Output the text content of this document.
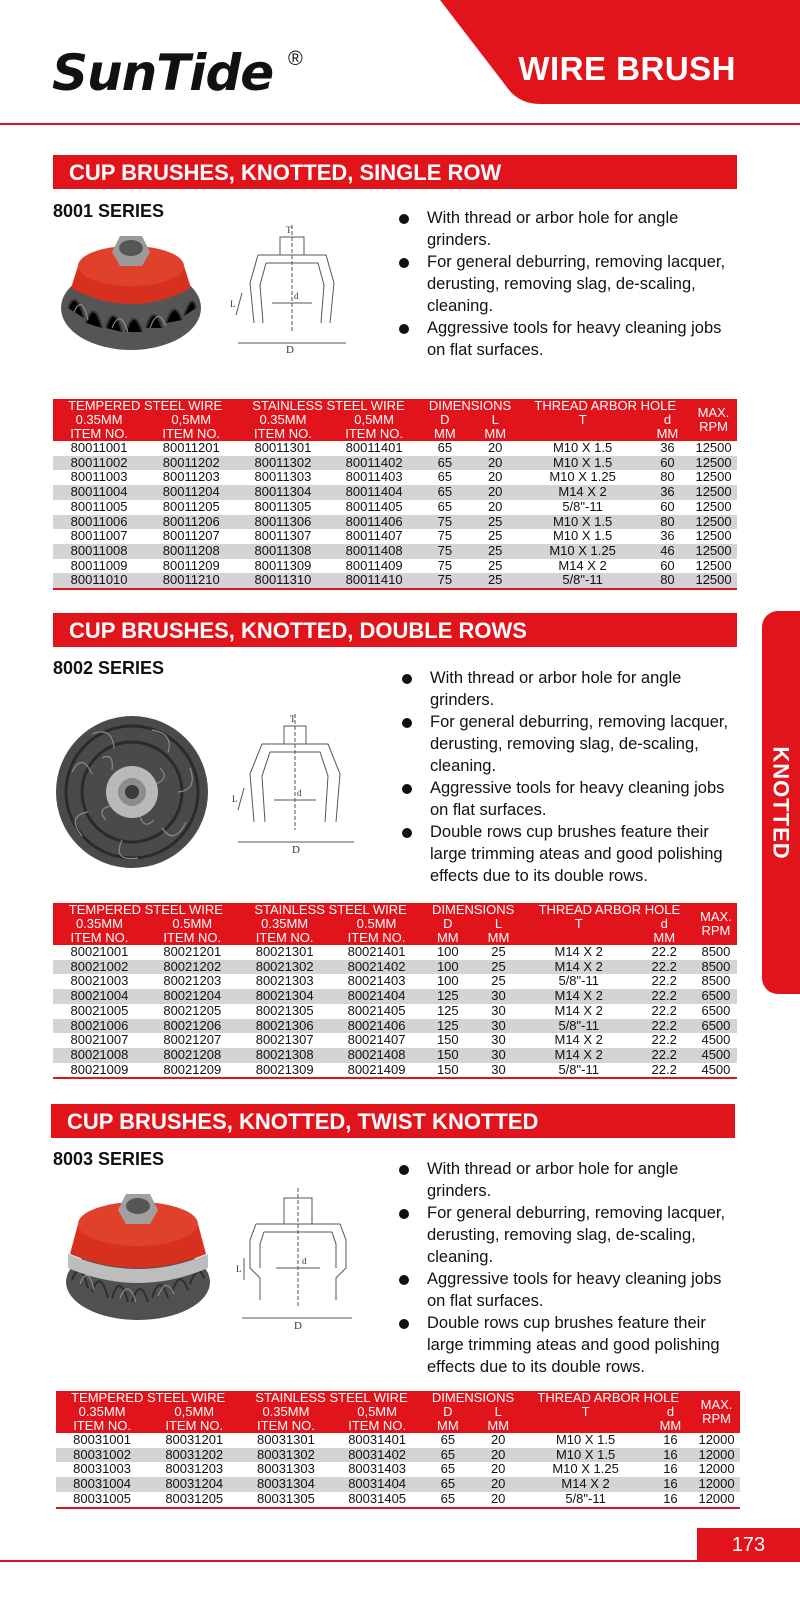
SunTide ®	WIRE BRUSH
CUP BRUSHES, KNOTTED, SINGLE ROW
8001 SERIES
T
d
D
L
With thread or arbor hole for angle grinders.
For general deburring, removing lacquer, derusting, removing slag, de-scaling, cleaning.
Aggressive tools for heavy cleaning jobs on flat surfaces.
TEMPERED STEEL WIRE		STAINLESS STEEL WIRE		DIMENSIONS		THREAD ARBOR HOLE		MAX.
RPM

0.35MM	0,5MM	0.35MM	0,5MM	D	L	T	d	
ITEM NO.	ITEM NO.	ITEM NO.	ITEM NO.	MM	MM		MM	
80011001	80011201	80011301	80011401	65	20	M10 X 1.5	36	12500
80011002	80011202	80011302	80011402	65	20	M10 X 1.5	60	12500
80011003	80011203	80011303	80011403	65	20	M10 X 1.25	80	12500
80011004	80011204	80011304	80011404	65	20	M14 X 2	36	12500
80011005	80011205	80011305	80011405	65	20	5/8"-11	60	12500
80011006	80011206	80011306	80011406	75	25	M10 X 1.5	80	12500
80011007	80011207	80011307	80011407	75	25	M10 X 1.5	36	12500
80011008	80011208	80011308	80011408	75	25	M10 X 1.25	46	12500
80011009	80011209	80011309	80011409	75	25	M14 X 2	60	12500
80011010	80011210	80011310	80011410	75	25	5/8"-11	80	12500
CUP BRUSHES, KNOTTED, DOUBLE ROWS
8002 SERIES
T
d
D
L
With thread or arbor hole for angle grinders.
For general deburring, removing lacquer, derusting, removing slag, de-scaling, cleaning.
Aggressive tools for heavy cleaning jobs on flat surfaces.
Double rows cup brushes feature their large trimming ateas and good polishing effects due to its double rows.
TEMPERED STEEL WIRE		STAINLESS STEEL WIRE		DIMENSIONS		THREAD ARBOR HOLE		MAX.
RPM

0.35MM	0.5MM	0.35MM	0.5MM	D	L	T	d	
ITEM NO.	ITEM NO.	ITEM NO.	ITEM NO.	MM	MM		MM	
80021001	80021201	80021301	80021401	100	25	M14 X 2	22.2	8500
80021002	80021202	80021302	80021402	100	25	M14 X 2	22.2	8500
80021003	80021203	80021303	80021403	100	25	5/8"-11	22.2	8500
80021004	80021204	80021304	80021404	125	30	M14 X 2	22.2	6500
80021005	80021205	80021305	80021405	125	30	M14 X 2	22.2	6500
80021006	80021206	80021306	80021406	125	30	5/8"-11	22.2	6500
80021007	80021207	80021307	80021407	150	30	M14 X 2	22.2	4500
80021008	80021208	80021308	80021408	150	30	M14 X 2	22.2	4500
80021009	80021209	80021309	80021409	150	30	5/8"-11	22.2	4500
CUP BRUSHES, KNOTTED, TWIST KNOTTED
8003 SERIES
d
D
L
With thread or arbor hole for angle grinders.
For general deburring, removing lacquer, derusting, removing slag, de-scaling, cleaning.
Aggressive tools for heavy cleaning jobs on flat surfaces.
Double rows cup brushes feature their large trimming ateas and good polishing effects due to its double rows.
TEMPERED STEEL WIRE		STAINLESS STEEL WIRE		DIMENSIONS		THREAD ARBOR HOLE		MAX.
RPM

0.35MM	0,5MM	0.35MM	0,5MM	D	L	T	d	
ITEM NO.	ITEM NO.	ITEM NO.	ITEM NO.	MM	MM		MM	
80031001	80031201	80031301	80031401	65	20	M10 X 1.5	16	12000
80031002	80031202	80031302	80031402	65	20	M10 X 1.5	16	12000
80031003	80031203	80031303	80031403	65	20	M10 X 1.25	16	12000
80031004	80031204	80031304	80031404	65	20	M14 X 2	16	12000
80031005	80031205	80031305	80031405	65	20	5/8"-11	16	12000
KNOTTED
173
